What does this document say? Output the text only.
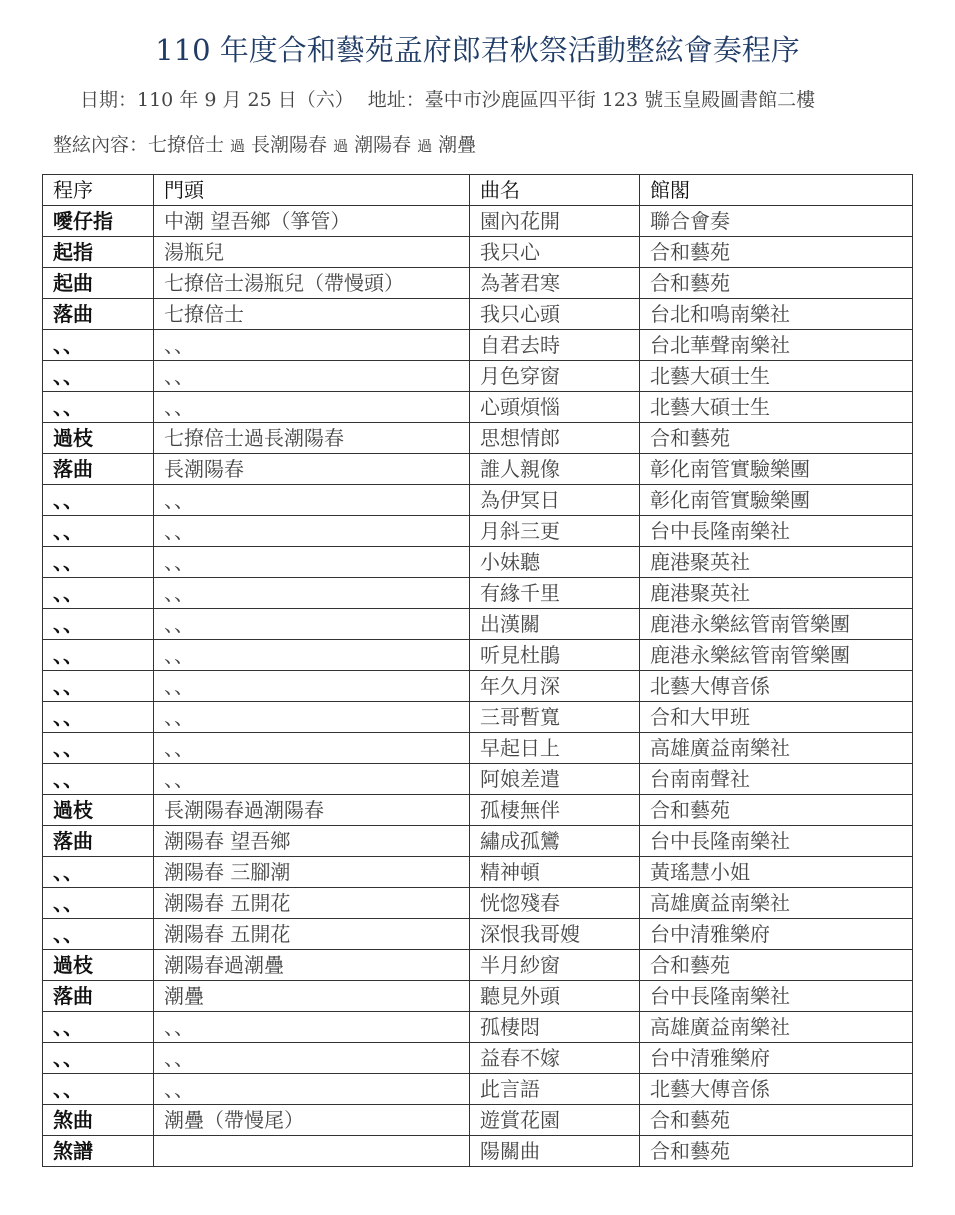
110 年度合和藝苑孟府郎君秋祭活動整絃會奏程序
日期：110 年 9 月 25 日（六） 地址：臺中市沙鹿區四平街 123 號玉皇殿圖書館二樓
整絃內容：七撩倍士 過 長潮陽春 過 潮陽春 過 潮疊
程序	門頭	曲名	館閣
噯仔指	中潮 望吾鄉（箏管）	園內花開	聯合會奏
起指	湯瓶兒	我只心	合和藝苑
起曲	七撩倍士湯瓶兒（帶慢頭）	為著君寒	合和藝苑
落曲	七撩倍士	我只心頭	台北和鳴南樂社
、、	、、	自君去時	台北華聲南樂社
、、	、、	月色穿窗	北藝大碩士生
、、	、、	心頭煩惱	北藝大碩士生
過枝	七撩倍士過長潮陽春	思想情郎	合和藝苑
落曲	長潮陽春	誰人親像	彰化南管實驗樂團
、、	、、	為伊冥日	彰化南管實驗樂團
、、	、、	月斜三更	台中長隆南樂社
、、	、、	小妹聽	鹿港聚英社
、、	、、	有緣千里	鹿港聚英社
、、	、、	出漢關	鹿港永樂絃管南管樂團
、、	、、	听見杜鵑	鹿港永樂絃管南管樂團
、、	、、	年久月深	北藝大傳音係
、、	、、	三哥暫寬	合和大甲班
、、	、、	早起日上	高雄廣益南樂社
、、	、、	阿娘差遣	台南南聲社
過枝	長潮陽春過潮陽春	孤棲無伴	合和藝苑
落曲	潮陽春 望吾鄉	繡成孤鸞	台中長隆南樂社
、、	潮陽春 三腳潮	精神頓	黃瑤慧小姐
、、	潮陽春 五開花	恍惚殘春	高雄廣益南樂社
、、	潮陽春 五開花	深恨我哥嫂	台中清雅樂府
過枝	潮陽春過潮疊	半月紗窗	合和藝苑
落曲	潮疊	聽見外頭	台中長隆南樂社
、、	、、	孤棲悶	高雄廣益南樂社
、、	、、	益春不嫁	台中清雅樂府
、、	、、	此言語	北藝大傳音係
煞曲	潮疊（帶慢尾）	遊賞花園	合和藝苑
煞譜		陽關曲	合和藝苑
